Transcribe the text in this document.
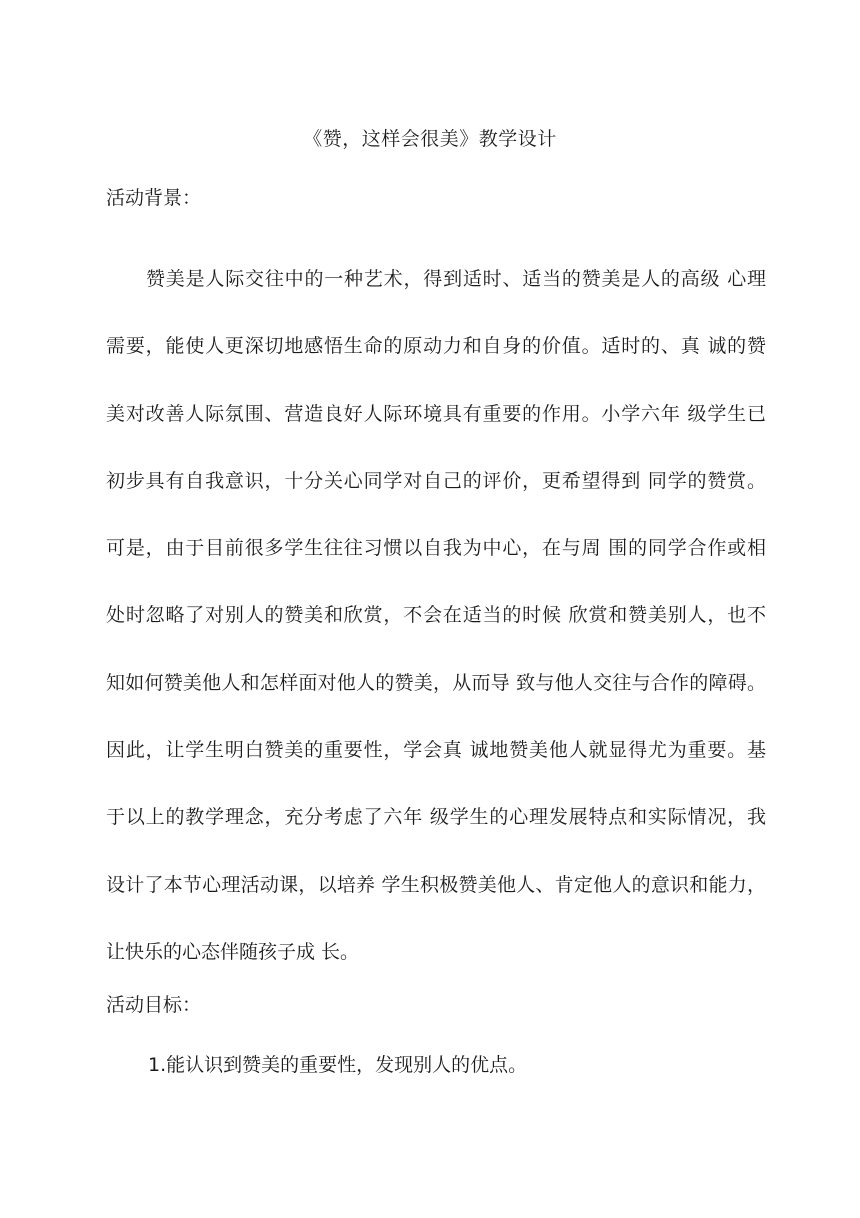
《赞，这样会很美》教学设计
活动背景：
赞美是人际交往中的一种艺术，得到适时、适当的赞美是人的高级 心理
需要，能使人更深切地感悟生命的原动力和自身的价值。适时的、真 诚的赞
美对改善人际氛围、营造良好人际环境具有重要的作用。小学六年 级学生已
初步具有自我意识，十分关心同学对自己的评价，更希望得到 同学的赞赏。
可是，由于目前很多学生往往习惯以自我为中心，在与周 围的同学合作或相
处时忽略了对别人的赞美和欣赏，不会在适当的时候 欣赏和赞美别人，也不
知如何赞美他人和怎样面对他人的赞美，从而导 致与他人交往与合作的障碍。
因此，让学生明白赞美的重要性，学会真 诚地赞美他人就显得尤为重要。基
于以上的教学理念，充分考虑了六年 级学生的心理发展特点和实际情况，我
设计了本节心理活动课，以培养 学生积极赞美他人、肯定他人的意识和能力，
让快乐的心态伴随孩子成 长。
活动目标：
1.能认识到赞美的重要性，发现别人的优点。
